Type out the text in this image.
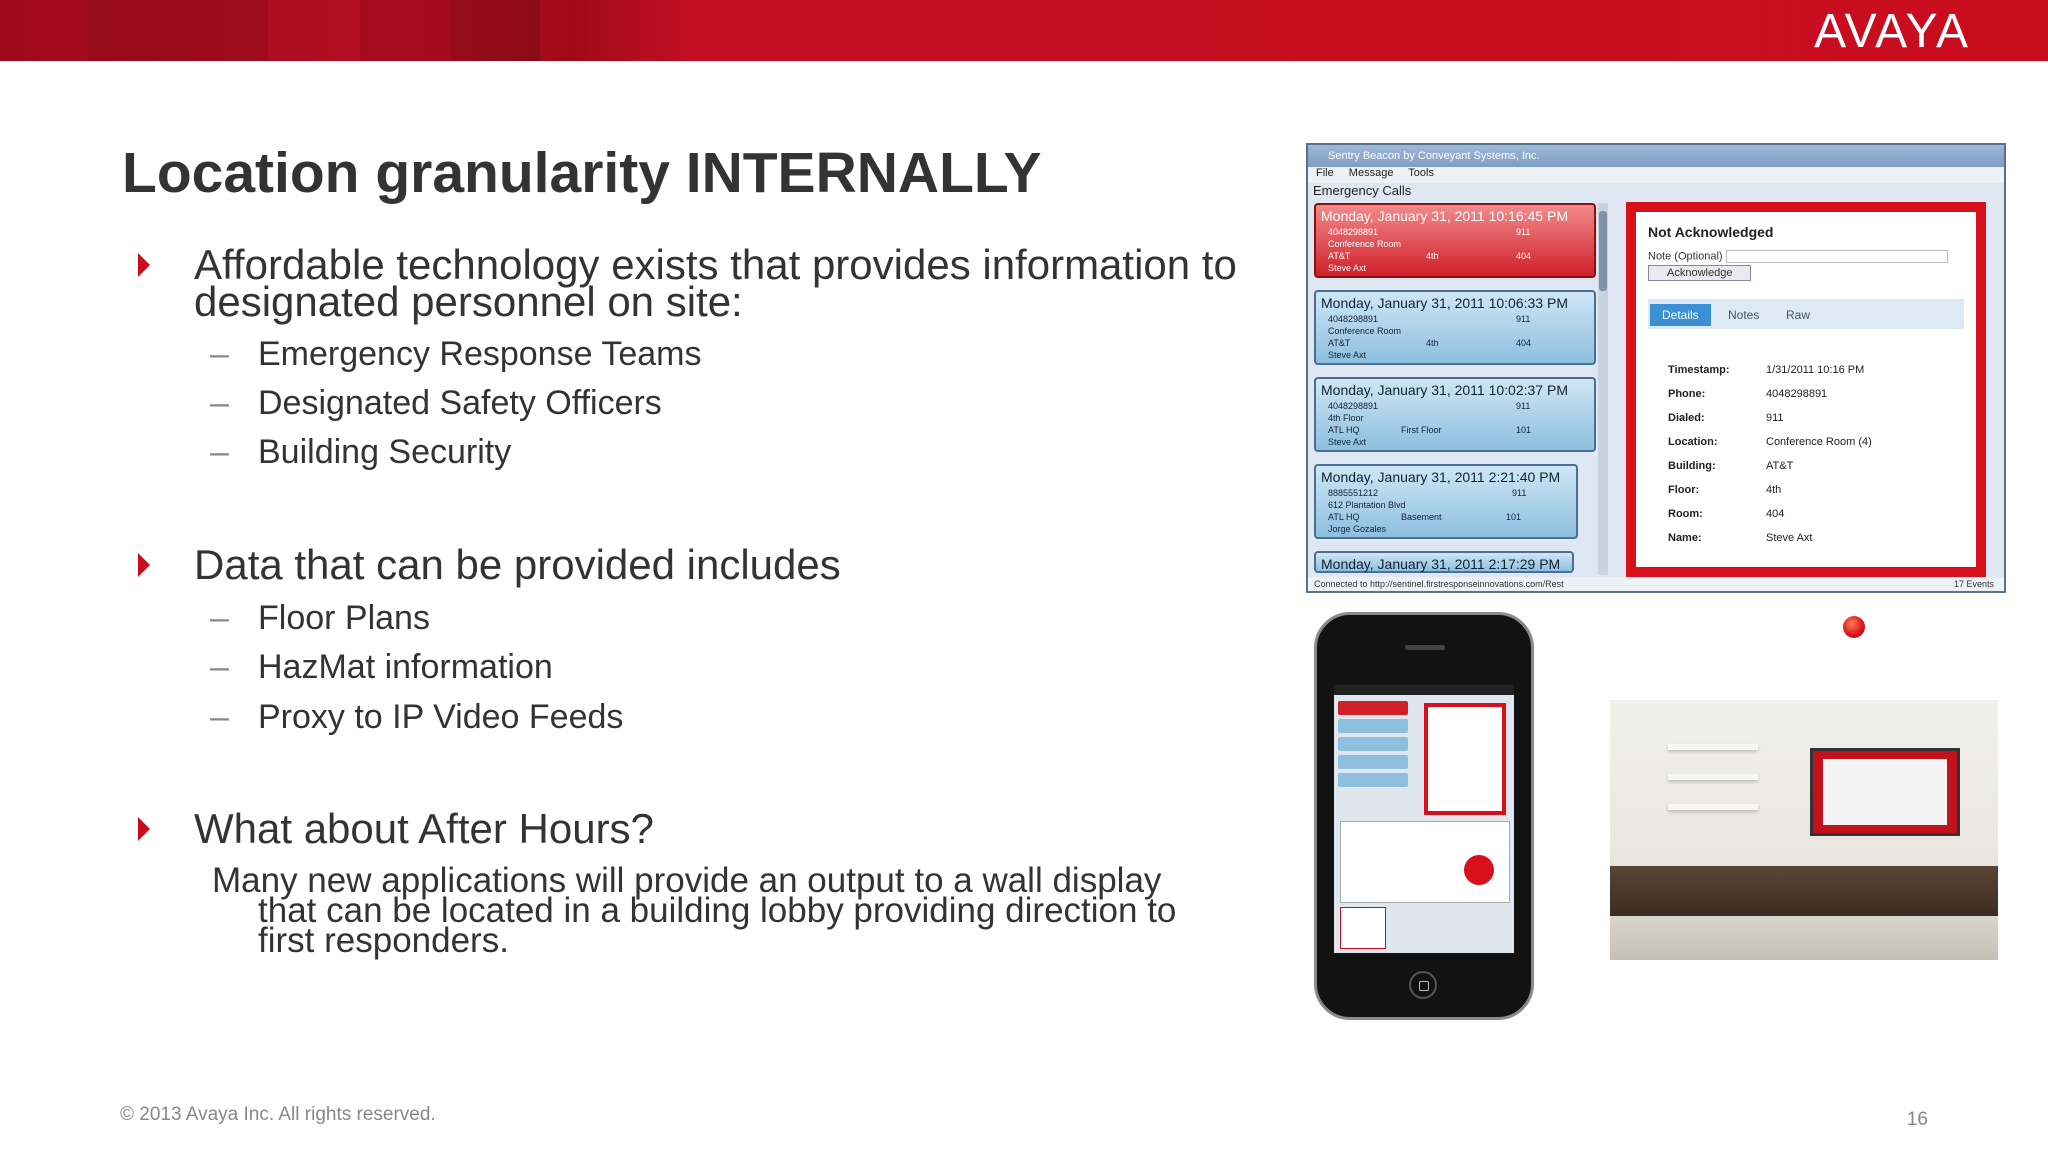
AVAYA
Location granularity INTERNALLY
Affordable technology exists that provides information to designated personnel on site:
– Emergency Response Teams
– Designated Safety Officers
– Building Security
Data that can be provided includes
– Floor Plans
– HazMat information
– Proxy to IP Video Feeds
What about After Hours?
Many new applications will provide an output to a wall display
that can be located in a building lobby providing direction to first responders.
Sentry Beacon by Conveyant Systems, Inc.
File Message Tools
Emergency Calls
Monday, January 31, 2011 10:16:45 PM
4048298891
Conference Room
AT&T	4th	404
Steve Axt
911
Monday, January 31, 2011 10:06:33 PM
4048298891
Conference Room
AT&T	4th	404
Steve Axt
911
Monday, January 31, 2011 10:02:37 PM
4048298891
4th Floor
ATL HQ	First Floor	101
Steve Axt
911
Monday, January 31, 2011 2:21:40 PM
8885551212
612 Plantation Blvd
ATL HQ	Basement	101
Jorge Gozales
911
Monday, January 31, 2011 2:17:29 PM
Not Acknowledged
Note (Optional)
Acknowledge
Details	Notes	Raw
Timestamp:	1/31/2011 10:16 PM
Phone:	4048298891
Dialed:	911
Location:	Conference Room (4)
Building:	AT&T
Floor:	4th
Room:	404
Name:	Steve Axt
Connected to http://sentinel.firstresponseinnovations.com/Rest	17 Events
© 2013 Avaya Inc. All rights reserved.	16
